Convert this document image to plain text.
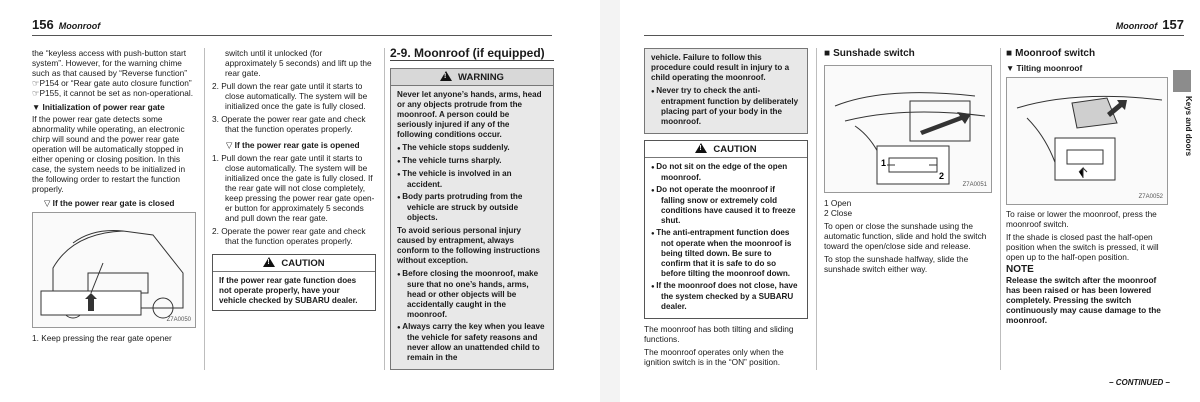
156 Moonroof

the “keyless access with push-button start system”. However, for the warning chime such as that caused by “Reverse function” ☞P154 or “Rear gate auto closure function” ☞P155, it cannot be set as non-operational.

▼ Initialization of power rear gate

If the power rear gate detects some abnormality while operating, an electronic chirp will sound and the power rear gate operation will be automatically stopped in either opening or closing position. In this case, the system needs to be initialized in the following order to restart the function properly.

▽ If the power rear gate is closed
Z7A0050

1. Keep pressing the rear gate opener

switch until it unlocked (for approximately 5 seconds) and lift up the rear gate.

2. Pull down the rear gate until it starts to close automatically. The system will be initialized once the gate is fully closed.
3. Operate the power rear gate and check that the function operates properly.
▽ If the power rear gate is opened
1. Pull down the rear gate until it starts to close automatically. The system will be initialized once the gate is fully closed. If the rear gate will not close completely, keep pressing the power rear gate open-er button for approximately 5 seconds and pull down the rear gate.
2. Operate the power rear gate and check that the function operates properly.
!CAUTION
If the power rear gate function does not operate properly, have your vehicle checked by SUBARU dealer.
2-9. Moonroof (if equipped)
!WARNING
Never let anyone’s hands, arms, head or any objects protrude from the moonroof. A person could be seriously injured if any of the following conditions occur.
● The vehicle stops suddenly.
● The vehicle turns sharply.
● The vehicle is involved in an accident.
● Body parts protruding from the vehicle are struck by outside objects.
To avoid serious personal injury caused by entrapment, always conform to the following instructions without exception.
● Before closing the moonroof, make sure that no one’s hands, arms, head or other objects will be accidentally caught in the moonroof.
● Always carry the key when you leave the vehicle for safety reasons and never allow an unattended child to remain in the
Moonroof 157
vehicle. Failure to follow this procedure could result in injury to a child operating the moonroof.
● Never try to check the anti-entrapment function by deliberately placing part of your body in the moonroof.
!CAUTION
● Do not sit on the edge of the open moonroof.
● Do not operate the moonroof if falling snow or extremely cold conditions have caused it to freeze shut.
● The anti-entrapment function does not operate when the moonroof is being tilted down. Be sure to confirm that it is safe to do so before tilting the moonroof down.
● If the moonroof does not close, have the system checked by a SUBARU dealer.

The moonroof has both tilting and sliding functions.

The moonroof operates only when the ignition switch is in the “ON” position.

■ Sunshade switch
1
2
Z7A0051

1 Open

2 Close

To open or close the sunshade using the automatic function, slide and hold the switch toward the open/close side and release.

To stop the sunshade halfway, slide the sunshade switch either way.

■ Moonroof switch
▼ Tilting moonroof
Z7A0052

To raise or lower the moonroof, press the moonroof switch.

If the shade is closed past the half-open position when the switch is pressed, it will open up to the half-open position.

NOTE

Release the switch after the moonroof has been raised or has been lowered completely. Pressing the switch continuously may cause damage to the moonroof.

Keys and doors
– CONTINUED –
